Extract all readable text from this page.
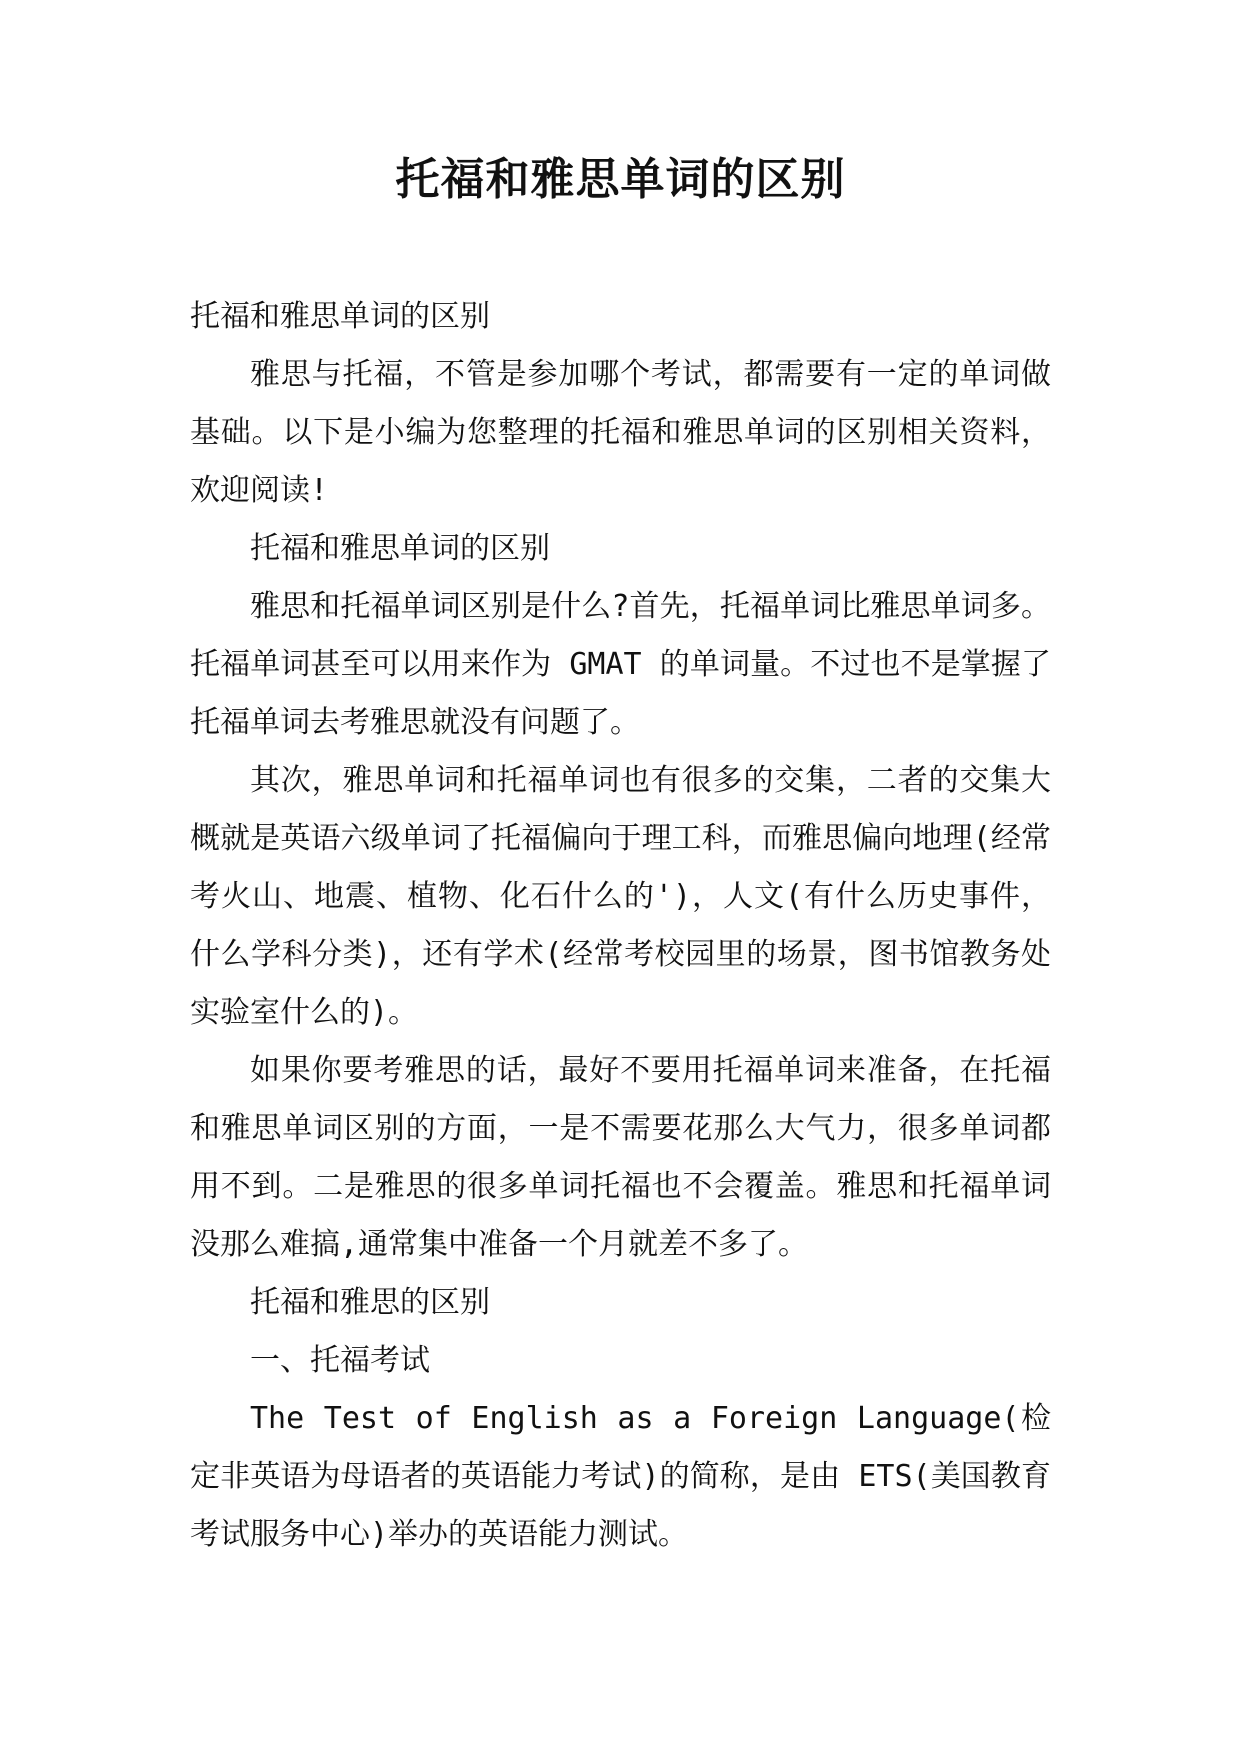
托福和雅思单词的区别

托福和雅思单词的区别

雅思与托福，不管是参加哪个考试，都需要有一定的单词做基础。以下是小编为您整理的托福和雅思单词的区别相关资料，欢迎阅读!

托福和雅思单词的区别

雅思和托福单词区别是什么?首先，托福单词比雅思单词多。托福单词甚至可以用来作为 GMAT 的单词量。不过也不是掌握了托福单词去考雅思就没有问题了。

其次，雅思单词和托福单词也有很多的交集，二者的交集大概就是英语六级单词了托福偏向于理工科，而雅思偏向地理(经常考火山、地震、植物、化石什么的')，人文(有什么历史事件，什么学科分类)，还有学术(经常考校园里的场景，图书馆教务处实验室什么的)。

如果你要考雅思的话，最好不要用托福单词来准备，在托福和雅思单词区别的方面，一是不需要花那么大气力，很多单词都用不到。二是雅思的很多单词托福也不会覆盖。雅思和托福单词没那么难搞,通常集中准备一个月就差不多了。

托福和雅思的区别

一、托福考试

The Test of English as a Foreign Language(检定非英语为母语者的英语能力考试)的简称，是由 ETS(美国教育考试服务中心)举办的英语能力测试。
